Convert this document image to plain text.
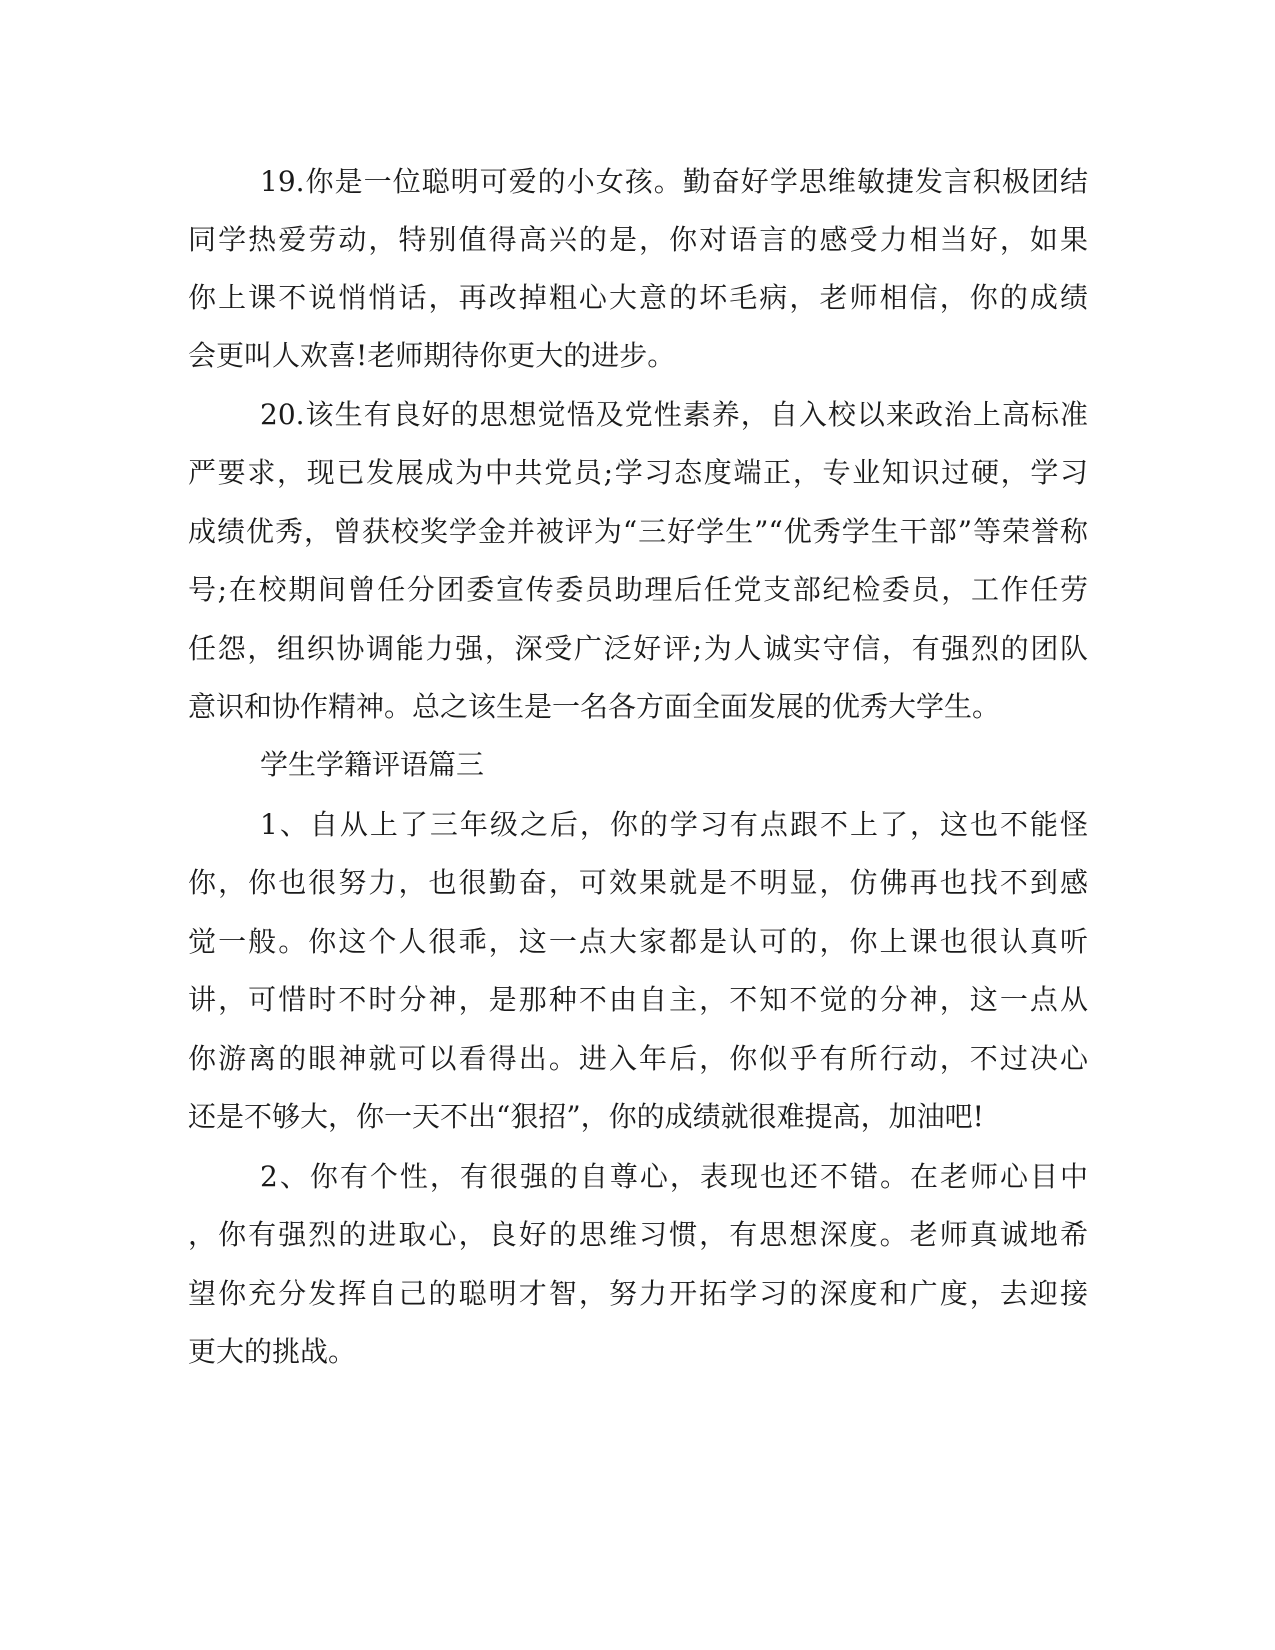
19.你是一位聪明可爱的小女孩。勤奋好学思维敏捷发言积极团结
同学热爱劳动，特别值得高兴的是，你对语言的感受力相当好，如果
你上课不说悄悄话，再改掉粗心大意的坏毛病，老师相信，你的成绩
会更叫人欢喜!老师期待你更大的进步。
20.该生有良好的思想觉悟及党性素养，自入校以来政治上高标准
严要求，现已发展成为中共党员;学习态度端正，专业知识过硬，学习
成绩优秀，曾获校奖学金并被评为“三好学生”“优秀学生干部”等荣誉称
号;在校期间曾任分团委宣传委员助理后任党支部纪检委员，工作任劳
任怨，组织协调能力强，深受广泛好评;为人诚实守信，有强烈的团队
意识和协作精神。总之该生是一名各方面全面发展的优秀大学生。
学生学籍评语篇三
1、自从上了三年级之后，你的学习有点跟不上了，这也不能怪
你，你也很努力，也很勤奋，可效果就是不明显，仿佛再也找不到感
觉一般。你这个人很乖，这一点大家都是认可的，你上课也很认真听
讲，可惜时不时分神，是那种不由自主，不知不觉的分神，这一点从
你游离的眼神就可以看得出。进入年后，你似乎有所行动，不过决心
还是不够大，你一天不出“狠招”，你的成绩就很难提高，加油吧!
2、你有个性，有很强的自尊心，表现也还不错。在老师心目中
，你有强烈的进取心，良好的思维习惯，有思想深度。老师真诚地希
望你充分发挥自己的聪明才智，努力开拓学习的深度和广度，去迎接
更大的挑战。
